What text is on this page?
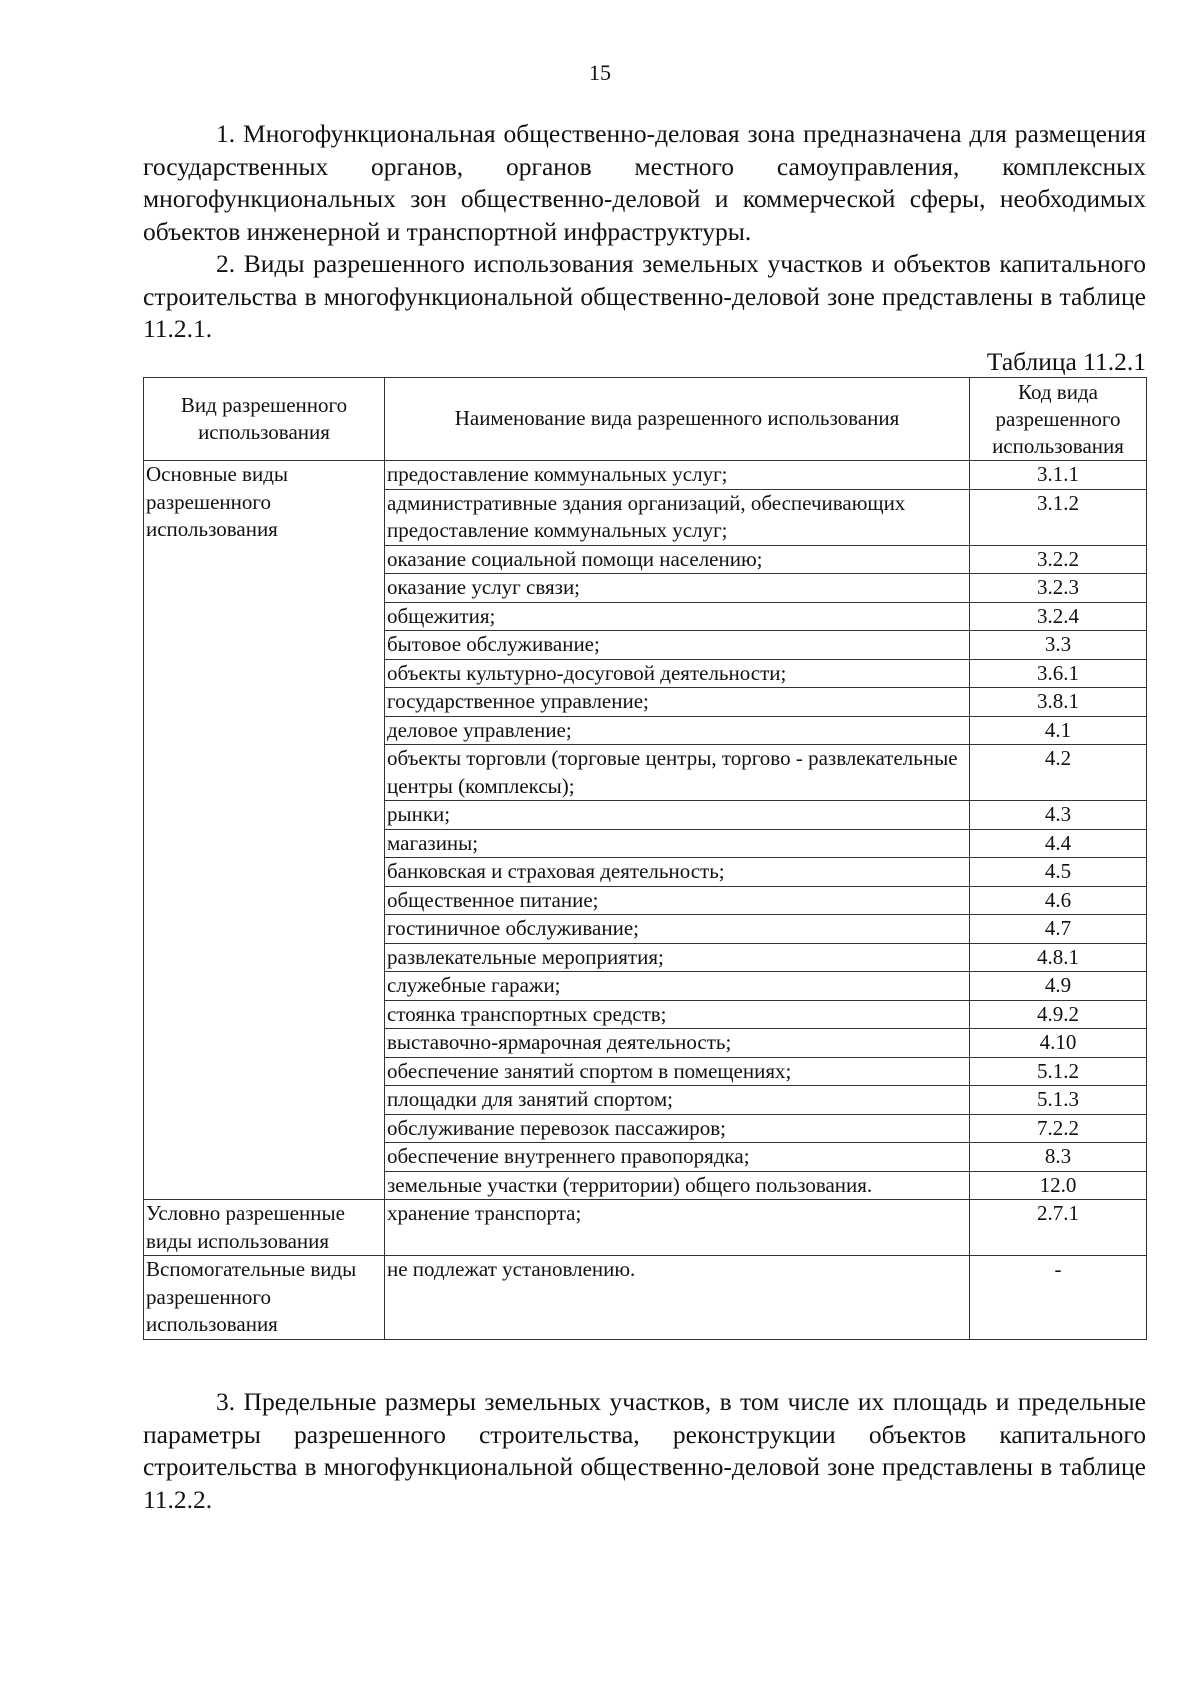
15

1. Многофункциональная общественно-деловая зона предназначена для размещения государственных органов, органов местного самоуправления, комплексных многофункциональных зон общественно-деловой и коммерческой сферы, необходимых объектов инженерной и транспортной инфраструктуры.

2. Виды разрешенного использования земельных участков и объектов капитального строительства в многофункциональной общественно-деловой зоне представлены в таблице 11.2.1.

Таблица 11.2.1
Вид разрешенного использования	Наименование вида разрешенного использования	Код вида разрешенного использования
Основные виды разрешенного использования	предоставление коммунальных услуг;	3.1.1
	административные здания организаций, обеспечивающих предоставление коммунальных услуг;	3.1.2
	оказание социальной помощи населению;	3.2.2
	оказание услуг связи;	3.2.3
	общежития;	3.2.4
	бытовое обслуживание;	3.3
	объекты культурно-досуговой деятельности;	3.6.1
	государственное управление;	3.8.1
	деловое управление;	4.1
	объекты торговли (торговые центры, торгово - развлекательные центры (комплексы);	4.2
	рынки;	4.3
	магазины;	4.4
	банковская и страховая деятельность;	4.5
	общественное питание;	4.6
	гостиничное обслуживание;	4.7
	развлекательные мероприятия;	4.8.1
	служебные гаражи;	4.9
	стоянка транспортных средств;	4.9.2
	выставочно-ярмарочная деятельность;	4.10
	обеспечение занятий спортом в помещениях;	5.1.2
	площадки для занятий спортом;	5.1.3
	обслуживание перевозок пассажиров;	7.2.2
	обеспечение внутреннего правопорядка;	8.3
	земельные участки (территории) общего пользования.	12.0
Условно разрешенные виды использования	хранение транспорта;	2.7.1
Вспомогательные виды разрешенного использования	не подлежат установлению.	-

3. Предельные размеры земельных участков, в том числе их площадь и предельные параметры разрешенного строительства, реконструкции объектов капитального строительства в многофункциональной общественно-деловой зоне представлены в таблице 11.2.2.
